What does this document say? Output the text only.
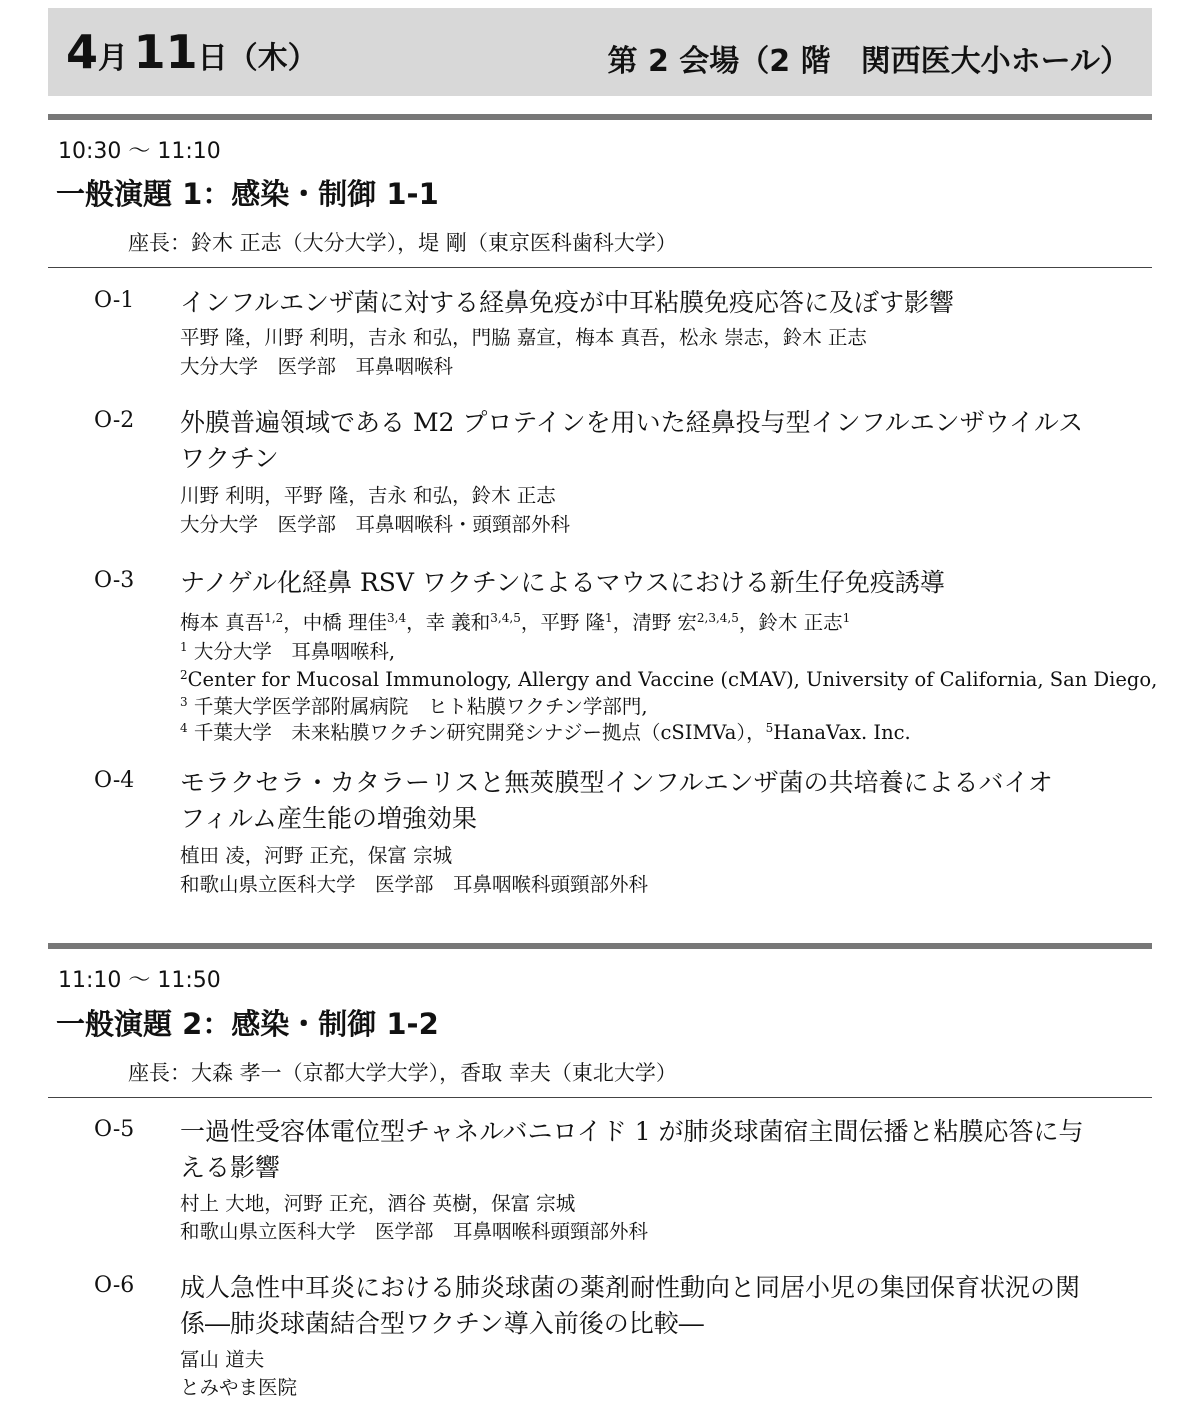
4月 11日（木）	第 2 会場（2 階　関西医大小ホール）
10:30 〜 11:10
一般演題 1：感染・制御 1-1
座長：鈴木 正志（大分大学），堤 剛（東京医科歯科大学）
O-1 インフルエンザ菌に対する経鼻免疫が中耳粘膜免疫応答に及ぼす影響
平野 隆，川野 利明，吉永 和弘，門脇 嘉宣，梅本 真吾，松永 崇志，鈴木 正志
大分大学　医学部　耳鼻咽喉科
O-2 外膜普遍領域である M2 プロテインを用いた経鼻投与型インフルエンザウイルス
ワクチン
川野 利明，平野 隆，吉永 和弘，鈴木 正志
大分大学　医学部　耳鼻咽喉科・頭頸部外科
O-3 ナノゲル化経鼻 RSV ワクチンによるマウスにおける新生仔免疫誘導
梅本 真吾$^{1,2}$，中橋 理佳$^{3,4}$，幸 義和$^{3,4,5}$，平野 隆$^1$，清野 宏$^{2,3,4,5}$，鈴木 正志$^1$
$^1$ 大分大学　耳鼻咽喉科,
$^2$Center for Mucosal Immunology, Allergy and Vaccine (cMAV), University of California, San Diego,
$^3$ 千葉大学医学部附属病院　ヒト粘膜ワクチン学部門,
$^4$ 千葉大学　未来粘膜ワクチン研究開発シナジー拠点（cSIMVa），$^5$HanaVax. Inc.
O-4 モラクセラ・カタラーリスと無莢膜型インフルエンザ菌の共培養によるバイオ
フィルム産生能の増強効果
植田 凌，河野 正充，保富 宗城
和歌山県立医科大学　医学部　耳鼻咽喉科頭頸部外科
11:10 〜 11:50
一般演題 2：感染・制御 1-2
座長：大森 孝一（京都大学大学），香取 幸夫（東北大学）
O-5 一過性受容体電位型チャネルバニロイド 1 が肺炎球菌宿主間伝播と粘膜応答に与
える影響
村上 大地，河野 正充，酒谷 英樹，保富 宗城
和歌山県立医科大学　医学部　耳鼻咽喉科頭頸部外科
O-6 成人急性中耳炎における肺炎球菌の薬剤耐性動向と同居小児の集団保育状況の関
係―肺炎球菌結合型ワクチン導入前後の比較―
冨山 道夫
とみやま医院
